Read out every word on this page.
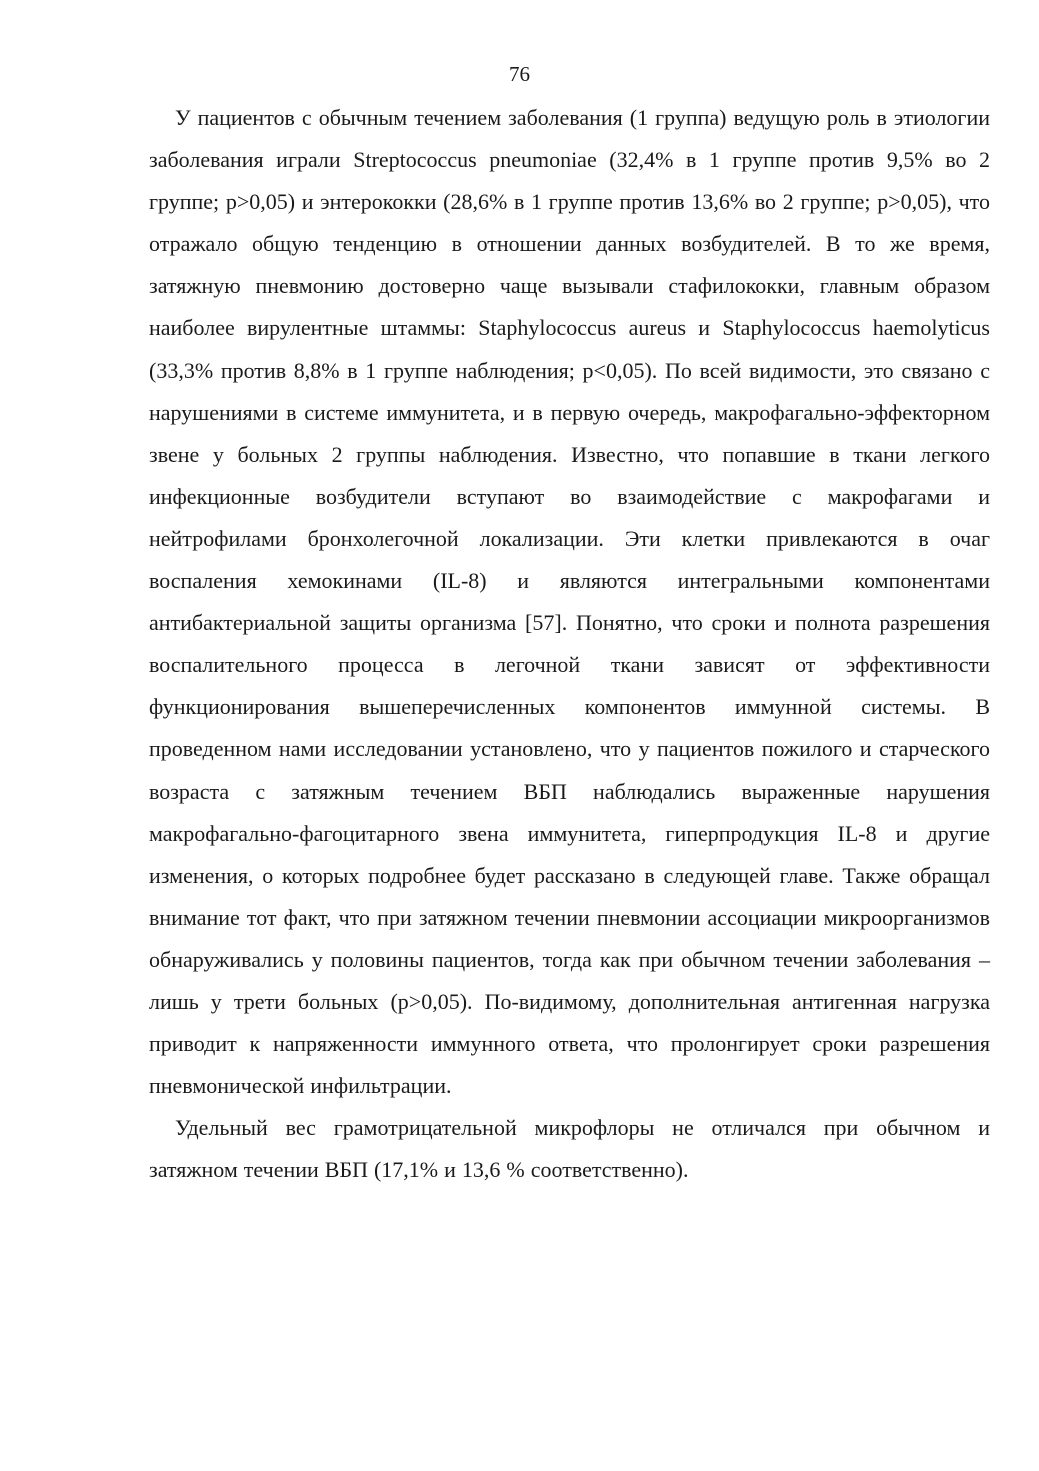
76

У пациентов с обычным течением заболевания (1 группа) ведущую роль в этиологии заболевания играли Streptococcus pneumoniae (32,4% в 1 группе против 9,5% во 2 группе; p>0,05) и энтерококки (28,6% в 1 группе против 13,6% во 2 группе; p>0,05), что отражало общую тенденцию в отношении данных возбудителей. В то же время, затяжную пневмонию достоверно чаще вызывали стафилококки, главным образом наиболее вирулентные штаммы: Staphylococcus aureus и Staphylococcus haemolyticus (33,3% против 8,8% в 1 группе наблюдения; p<0,05). По всей видимости, это связано с нарушениями в системе иммунитета, и в первую очередь, макрофагально-эффекторном звене у больных 2 группы наблюдения. Известно, что попавшие в ткани легкого инфекционные возбудители вступают во взаимодействие с макрофагами и нейтрофилами бронхолегочной локализации. Эти клетки привлекаются в очаг воспаления хемокинами (IL-8) и являются интегральными компонентами антибактериальной защиты организма [57]. Понятно, что сроки и полнота разрешения воспалительного процесса в легочной ткани зависят от эффективности функционирования вышеперечисленных компонентов иммунной системы. В проведенном нами исследовании установлено, что у пациентов пожилого и старческого возраста с затяжным течением ВБП наблюдались выраженные нарушения макрофагально-фагоцитарного звена иммунитета, гиперпродукция IL-8 и другие изменения, о которых подробнее будет рассказано в следующей главе. Также обращал внимание тот факт, что при затяжном течении пневмонии ассоциации микроорганизмов обнаруживались у половины пациентов, тогда как при обычном течении заболевания – лишь у трети больных (p>0,05). По-видимому, дополнительная антигенная нагрузка приводит к напряженности иммунного ответа, что пролонгирует сроки разрешения пневмонической инфильтрации.

Удельный вес грамотрицательной микрофлоры не отличался при обычном и затяжном течении ВБП (17,1% и 13,6 % соответственно).
